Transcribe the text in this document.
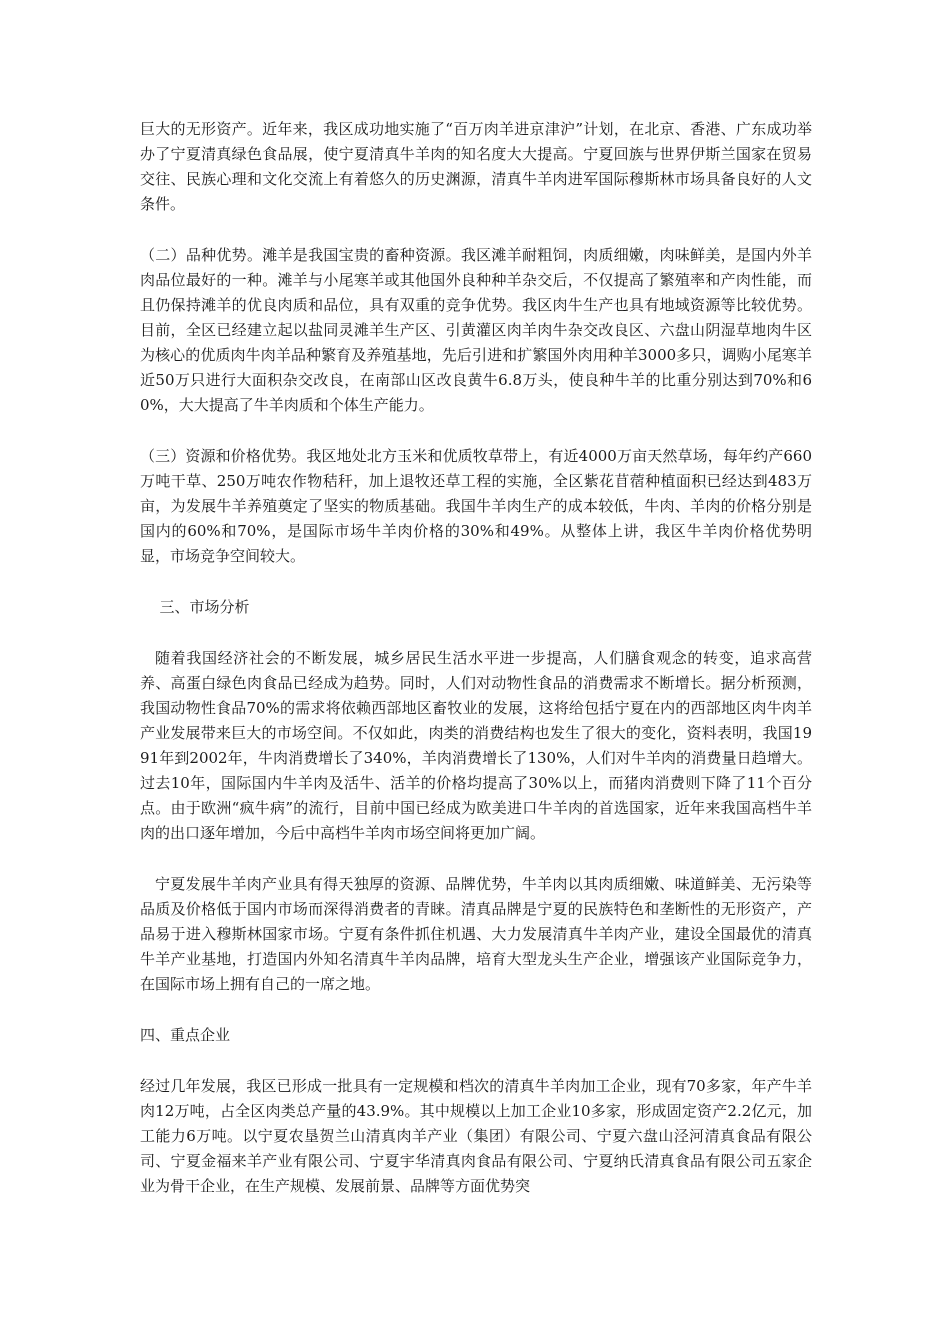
巨大的无形资产。近年来，我区成功地实施了“百万肉羊进京津沪”计划，在北京、香港、广东成功举办了宁夏清真绿色食品展，使宁夏清真牛羊肉的知名度大大提高。宁夏回族与世界伊斯兰国家在贸易交往、民族心理和文化交流上有着悠久的历史渊源，清真牛羊肉进军国际穆斯林市场具备良好的人文条件。

（二）品种优势。滩羊是我国宝贵的畜种资源。我区滩羊耐粗饲，肉质细嫩，肉味鲜美，是国内外羊肉品位最好的一种。滩羊与小尾寒羊或其他国外良种种羊杂交后，不仅提高了繁殖率和产肉性能，而且仍保持滩羊的优良肉质和品位，具有双重的竞争优势。我区肉牛生产也具有地域资源等比较优势。目前，全区已经建立起以盐同灵滩羊生产区、引黄灌区肉羊肉牛杂交改良区、六盘山阴湿草地肉牛区为核心的优质肉牛肉羊品种繁育及养殖基地，先后引进和扩繁国外肉用种羊3000多只，调购小尾寒羊近50万只进行大面积杂交改良，在南部山区改良黄牛6.8万头，使良种牛羊的比重分别达到70%和60%，大大提高了牛羊肉质和个体生产能力。

（三）资源和价格优势。我区地处北方玉米和优质牧草带上，有近4000万亩天然草场，每年约产660万吨干草、250万吨农作物秸秆，加上退牧还草工程的实施，全区紫花苜蓿种植面积已经达到483万亩，为发展牛羊养殖奠定了坚实的物质基础。我国牛羊肉生产的成本较低，牛肉、羊肉的价格分别是国内的60%和70%，是国际市场牛羊肉价格的30%和49%。从整体上讲，我区牛羊肉价格优势明显，市场竞争空间较大。

三、市场分析

随着我国经济社会的不断发展，城乡居民生活水平进一步提高，人们膳食观念的转变，追求高营养、高蛋白绿色肉食品已经成为趋势。同时，人们对动物性食品的消费需求不断增长。据分析预测，我国动物性食品70%的需求将依赖西部地区畜牧业的发展，这将给包括宁夏在内的西部地区肉牛肉羊产业发展带来巨大的市场空间。不仅如此，肉类的消费结构也发生了很大的变化，资料表明，我国1991年到2002年，牛肉消费增长了340%，羊肉消费增长了130%，人们对牛羊肉的消费量日趋增大。过去10年，国际国内牛羊肉及活牛、活羊的价格均提高了30%以上，而猪肉消费则下降了11个百分点。由于欧洲“疯牛病”的流行，目前中国已经成为欧美进口牛羊肉的首选国家，近年来我国高档牛羊肉的出口逐年增加，今后中高档牛羊肉市场空间将更加广阔。

宁夏发展牛羊肉产业具有得天独厚的资源、品牌优势，牛羊肉以其肉质细嫩、味道鲜美、无污染等品质及价格低于国内市场而深得消费者的青睐。清真品牌是宁夏的民族特色和垄断性的无形资产，产品易于进入穆斯林国家市场。宁夏有条件抓住机遇、大力发展清真牛羊肉产业，建设全国最优的清真牛羊产业基地，打造国内外知名清真牛羊肉品牌，培育大型龙头生产企业，增强该产业国际竞争力，在国际市场上拥有自己的一席之地。

四、重点企业

经过几年发展，我区已形成一批具有一定规模和档次的清真牛羊肉加工企业，现有70多家，年产牛羊肉12万吨，占全区肉类总产量的43.9%。其中规模以上加工企业10多家，形成固定资产2.2亿元，加工能力6万吨。以宁夏农垦贺兰山清真肉羊产业（集团）有限公司、宁夏六盘山泾河清真食品有限公司、宁夏金福来羊产业有限公司、宁夏宇华清真肉食品有限公司、宁夏纳氏清真食品有限公司五家企业为骨干企业，在生产规模、发展前景、品牌等方面优势突
